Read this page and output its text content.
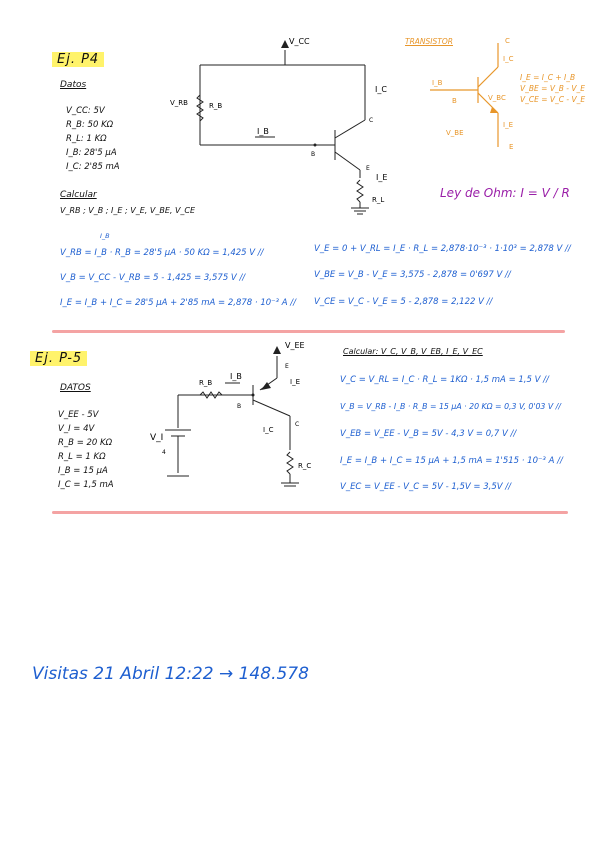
Ej. P4
Datos
V_CC: 5V
R_B: 50 KΩ
R_L: 1 KΩ
I_B: 28'5 μA
I_C: 2'85 mA
Calcular
V_RB ; V_B ; I_E ; V_E, V_BE, V_CE
V_CC
V_RB	R_B
I_C
I_B
B
C
E
I_E
R_L
TRANSISTOR	C
I_C
I_B
B	V_BC
V_BE
I_E
E
I_E = I_C + I_B
V_BE = V_B - V_E
V_CE = V_C - V_E
Ley de Ohm: I = V / R
I_B
V_RB = I_B · R_B = 28'5 μA · 50 KΩ = 1,425 V //
V_B = V_CC - V_RB = 5 - 1,425 = 3,575 V //
I_E = I_B + I_C = 28'5 μA + 2'85 mA = 2,878 · 10⁻³ A //
V_E = 0 + V_RL = I_E · R_L = 2,878·10⁻³ · 1·10³ = 2,878 V //
V_BE = V_B - V_E = 3,575 - 2,878 = 0'697 V //
V_CE = V_C - V_E = 5 - 2,878 = 2,122 V //
Ej. P-5
DATOS
V_EE - 5V
V_I = 4V
R_B = 20 KΩ
R_L = 1 KΩ
I_B = 15 μA
I_C = 1,5 mA
V_EE
R_B
I_B
B
V_I
4
E
I_E
I_C
C
R_C
Calcular: V_C, V_B, V_EB, I_E, V_EC
V_C = V_RL = I_C · R_L = 1KΩ · 1,5 mA = 1,5 V //
V_B = V_RB - I_B · R_B = 15 μA · 20 KΩ = 0,3 V, 0'03 V //
V_EB = V_EE - V_B = 5V - 4,3 V = 0,7 V //
I_E = I_B + I_C = 15 μA + 1,5 mA = 1'515 · 10⁻³ A //
V_EC = V_EE - V_C = 5V - 1,5V = 3,5V //
Visitas 21 Abril 12:22 → 148.578
